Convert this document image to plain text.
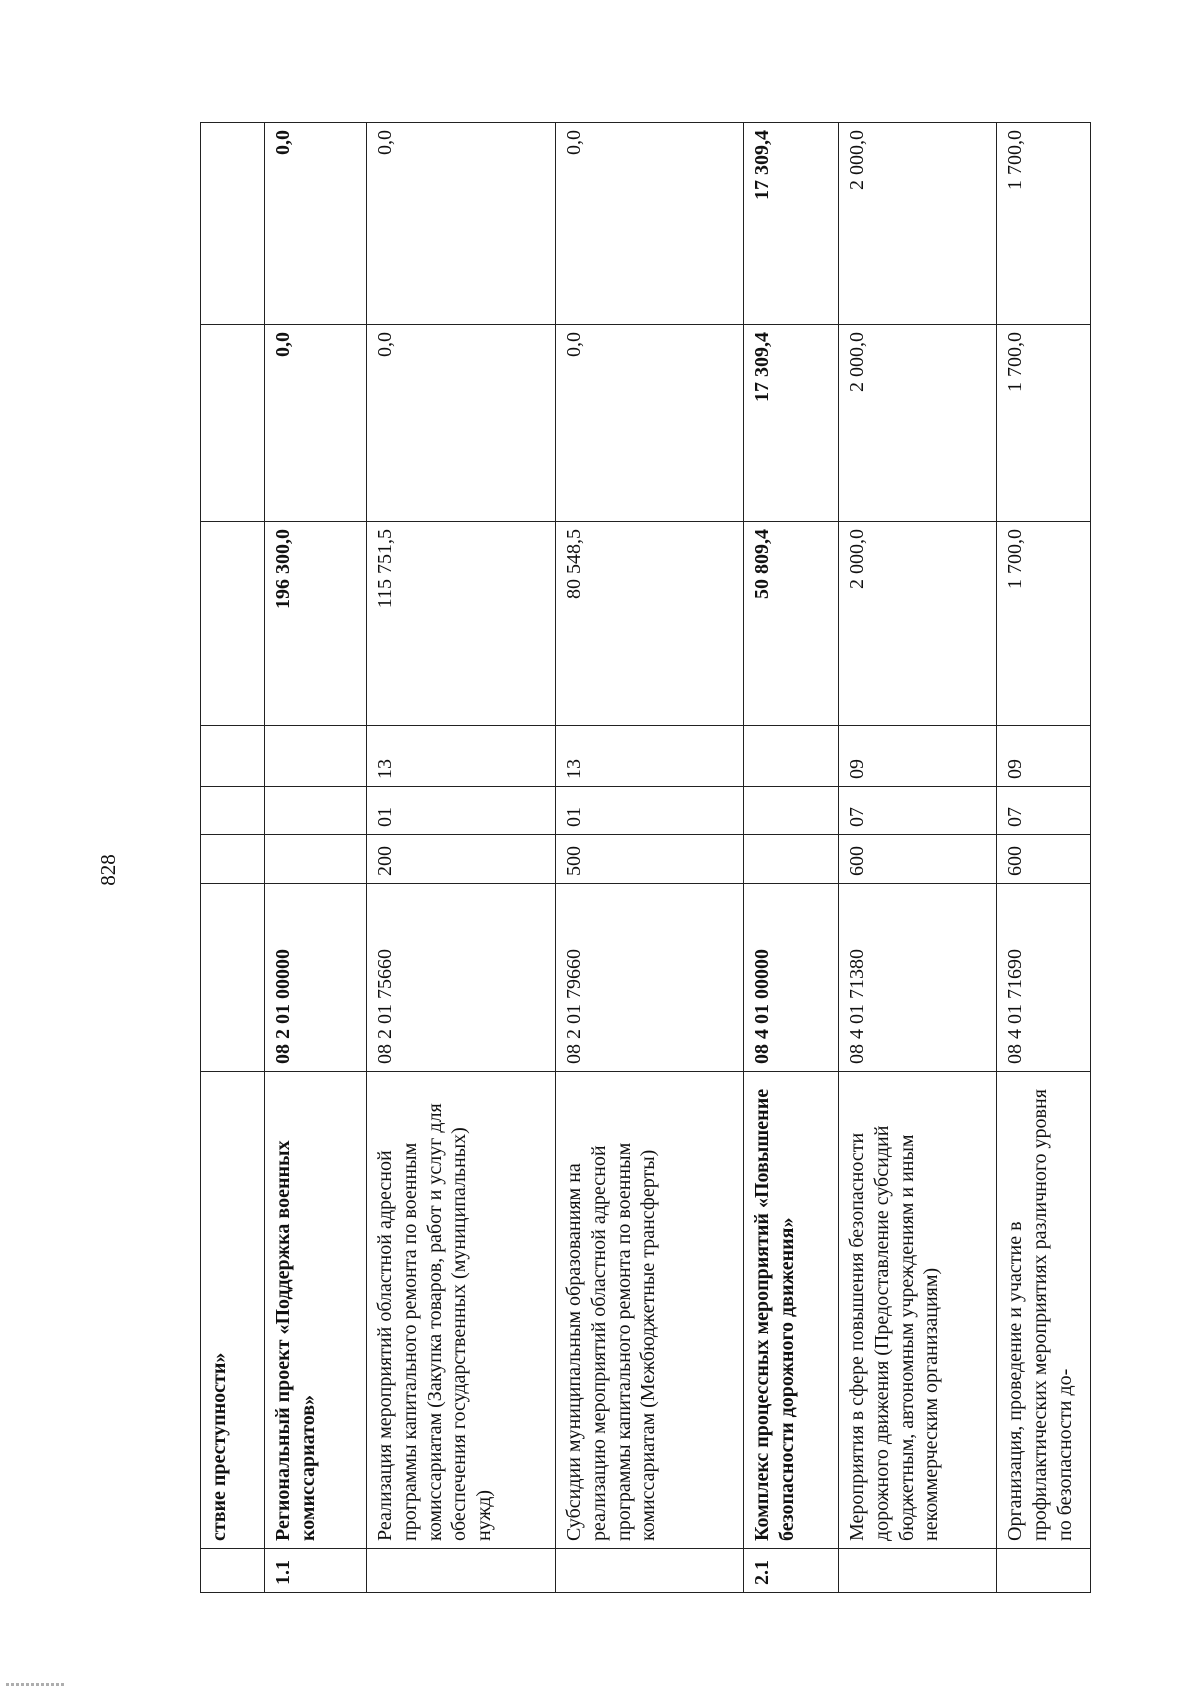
828
	ствие преступности»							
1.1	Региональный проект «Поддержка военных комиссариатов»	08 2 01 00000				196 300,0	0,0	0,0
	Реализация мероприятий областной адресной программы капитального ремонта по военным комиссариатам (Закупка товаров, работ и услуг для обеспечения государственных (муниципальных) нужд)	08 2 01 75660	200	01	13	115 751,5	0,0	0,0
	Субсидии муниципальным образованиям на реализацию мероприятий областной адресной программы капитального ремонта по военным комиссариатам (Межбюджетные трансферты)	08 2 01 79660	500	01	13	80 548,5	0,0	0,0
2.1	Комплекс процессных мероприятий «Повышение безопасности дорожного движения»	08 4 01 00000				50 809,4	17 309,4	17 309,4
	Мероприятия в сфере повышения безопасности дорожного движения (Предоставление субсидий бюджетным, автономным учреждениям и иным некоммерческим организациям)	08 4 01 71380	600	07	09	2 000,0	2 000,0	2 000,0
	Организация, проведение и участие в профилактических мероприятиях различного уровня по безопасности до-	08 4 01 71690	600	07	09	1 700,0	1 700,0	1 700,0
